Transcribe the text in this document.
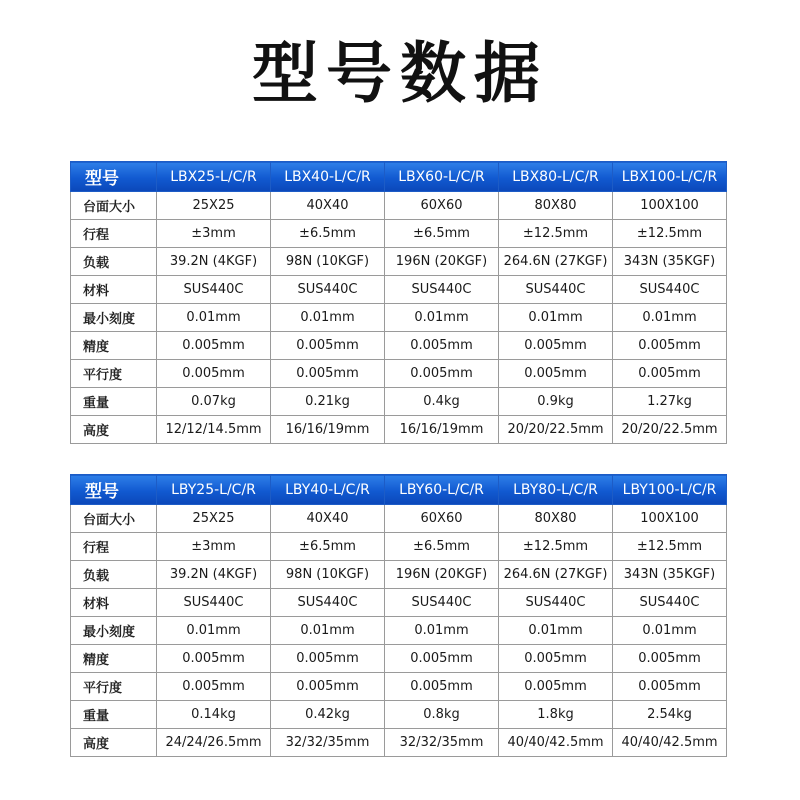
型号数据
型号	LBX25-L/C/R	LBX40-L/C/R	LBX60-L/C/R	LBX80-L/C/R	LBX100-L/C/R
台面大小	25X25	40X40	60X60	80X80	100X100
行程	±3mm	±6.5mm	±6.5mm	±12.5mm	±12.5mm
负载	39.2N (4KGF)	98N (10KGF)	196N (20KGF)	264.6N (27KGF)	343N (35KGF)
材料	SUS440C	SUS440C	SUS440C	SUS440C	SUS440C
最小刻度	0.01mm	0.01mm	0.01mm	0.01mm	0.01mm
精度	0.005mm	0.005mm	0.005mm	0.005mm	0.005mm
平行度	0.005mm	0.005mm	0.005mm	0.005mm	0.005mm
重量	0.07kg	0.21kg	0.4kg	0.9kg	1.27kg
高度	12/12/14.5mm	16/16/19mm	16/16/19mm	20/20/22.5mm	20/20/22.5mm
型号	LBY25-L/C/R	LBY40-L/C/R	LBY60-L/C/R	LBY80-L/C/R	LBY100-L/C/R
台面大小	25X25	40X40	60X60	80X80	100X100
行程	±3mm	±6.5mm	±6.5mm	±12.5mm	±12.5mm
负载	39.2N (4KGF)	98N (10KGF)	196N (20KGF)	264.6N (27KGF)	343N (35KGF)
材料	SUS440C	SUS440C	SUS440C	SUS440C	SUS440C
最小刻度	0.01mm	0.01mm	0.01mm	0.01mm	0.01mm
精度	0.005mm	0.005mm	0.005mm	0.005mm	0.005mm
平行度	0.005mm	0.005mm	0.005mm	0.005mm	0.005mm
重量	0.14kg	0.42kg	0.8kg	1.8kg	2.54kg
高度	24/24/26.5mm	32/32/35mm	32/32/35mm	40/40/42.5mm	40/40/42.5mm
